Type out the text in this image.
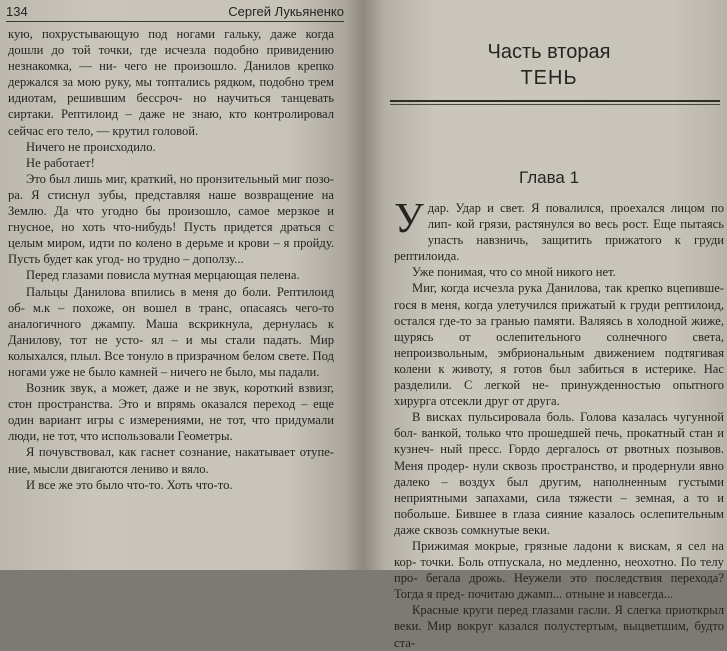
134	Сергей Лукьяненко

кую, похрустывающую под ногами гальку, даже когда дошли до той точки, где исчезла подобно привидению незнакомка, — ни- чего не произошло. Данилов крепко держался за мою руку, мы топтались рядком, подобно трем идиотам, решившим бессроч- но научиться танцевать сиртаки. Рептилоид – даже не знаю, кто контролировал сейчас его тело, — крутил головой.

Ничего не происходило.

Не работает!

Это был лишь миг, краткий, но пронзительный миг позо- ра. Я стиснул зубы, представляя наше возвращение на Землю. Да что угодно бы произошло, самое мерзкое и гнусное, но хоть что-нибудь! Пусть придется драться с целым миром, идти по колено в дерьме и крови – я пройду. Пусть будет как угод- но трудно – доползу...

Перед глазами повисла мутная мерцающая пелена.

Пальцы Данилова впились в меня до боли. Рептилоид об- м.к – похоже, он вошел в транс, опасаясь чего-то аналогичного джампу. Маша вскрикнула, дернулась к Данилову, тот не усто- ял – и мы стали падать. Мир колыхался, плыл. Все тонуло в призрачном белом свете. Под ногами уже не было камней – ничего не было, мы падали.

Возник звук, а может, даже и не звук, короткий взвизг, стон пространства. Это и впрямь оказался переход – еще один вариант игры с измерениями, не тот, что придумали люди, не тот, что использовали Геометры.

Я почувствовал, как гаснет сознание, накатывает отупе- ние, мысли двигаются лениво и вяло.

И все же это было что-то. Хоть что-то.

Часть вторая
ТЕНЬ
Глава 1
У дар. Удар и свет. Я повалился, проехался лицом по лип- кой грязи, растянулся во весь рост. Еще пытаясь упасть навзничь, защитить прижатого к груди рептилоида.

Уже понимая, что со мной никого нет.

Миг, когда исчезла рука Данилова, так крепко вцепивше- гося в меня, когда улетучился прижатый к груди рептилоид, остался где-то за гранью памяти. Валяясь в холодной жиже, щурясь от ослепительного солнечного света, непроизвольным, эмбриональным движением подтягивая колени к животу, я готов был забиться в истерике. Нас разделили. С легкой не- принужденностью опытного хирурга отсекли друг от друга.

В висках пульсировала боль. Голова казалась чугунной бол- ванкой, только что прошедшей печь, прокатный стан и кузнеч- ный пресс. Гордо дергалось от рвотных позывов. Меня продер- нули сквозь пространство, и продернули явно далеко – воздух был другим, наполненным густыми неприятными запахами, сила тяжести – земная, а то и побольше. Бившее в глаза сияние казалось ослепительным даже сквозь сомкнутые веки.

Прижимая мокрые, грязные ладони к вискам, я сел на кор- точки. Боль отпускала, но медленно, неохотно. По телу про- бегала дрожь. Неужели это последствия перехода? Тогда я пред- почитаю джамп... отныне и навсегда...

Красные круги перед глазами гасли. Я слегка приоткрыл веки. Мир вокруг казался полустертым, выцветшим, будто ста-
